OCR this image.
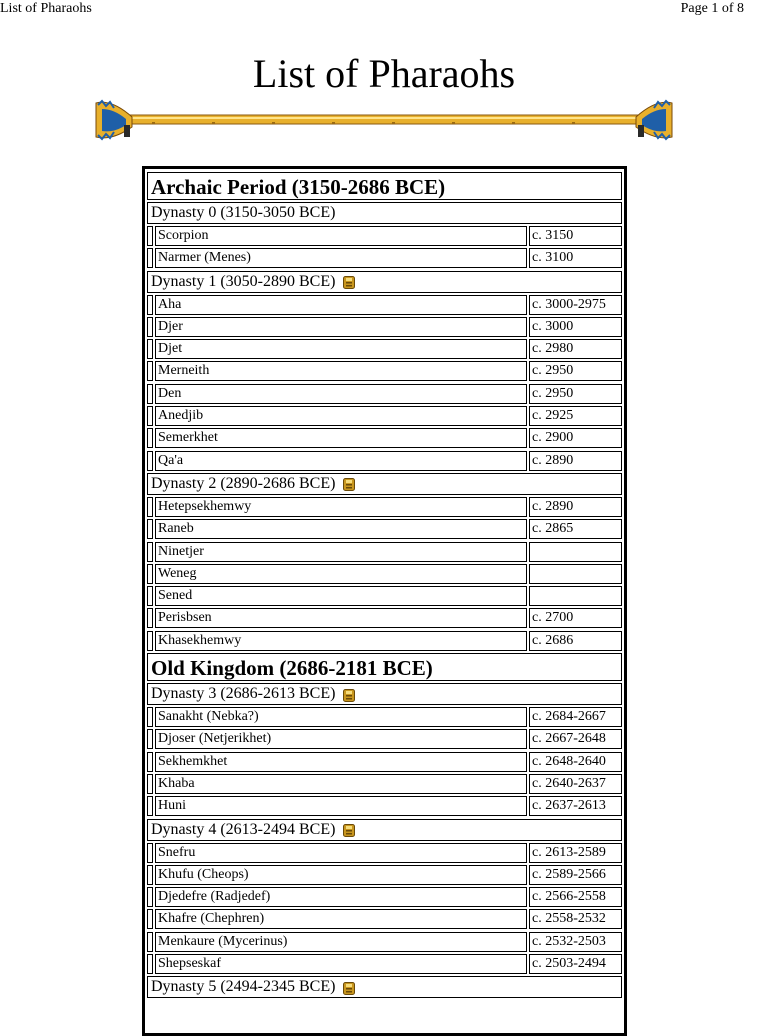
List of Pharaohs	Page 1 of 8
List of Pharaohs
Archaic Period (3150-2686 BCE)
Dynasty 0 (3150-3050 BCE)
Scorpion	c. 3150
Narmer (Menes)	c. 3100
Dynasty 1 (3050-2890 BCE)
Aha	c. 3000-2975
Djer	c. 3000
Djet	c. 2980
Merneith	c. 2950
Den	c. 2950
Anedjib	c. 2925
Semerkhet	c. 2900
Qa'a	c. 2890
Dynasty 2 (2890-2686 BCE)
Hetepsekhemwy	c. 2890
Raneb	c. 2865
Ninetjer
Weneg
Sened
Perisbsen	c. 2700
Khasekhemwy	c. 2686
Old Kingdom (2686-2181 BCE)
Dynasty 3 (2686-2613 BCE)
Sanakht (Nebka?)	c. 2684-2667
Djoser (Netjerikhet)	c. 2667-2648
Sekhemkhet	c. 2648-2640
Khaba	c. 2640-2637
Huni	c. 2637-2613
Dynasty 4 (2613-2494 BCE)
Snefru	c. 2613-2589
Khufu (Cheops)	c. 2589-2566
Djedefre (Radjedef)	c. 2566-2558
Khafre (Chephren)	c. 2558-2532
Menkaure (Mycerinus)	c. 2532-2503
Shepseskaf	c. 2503-2494
Dynasty 5 (2494-2345 BCE)
